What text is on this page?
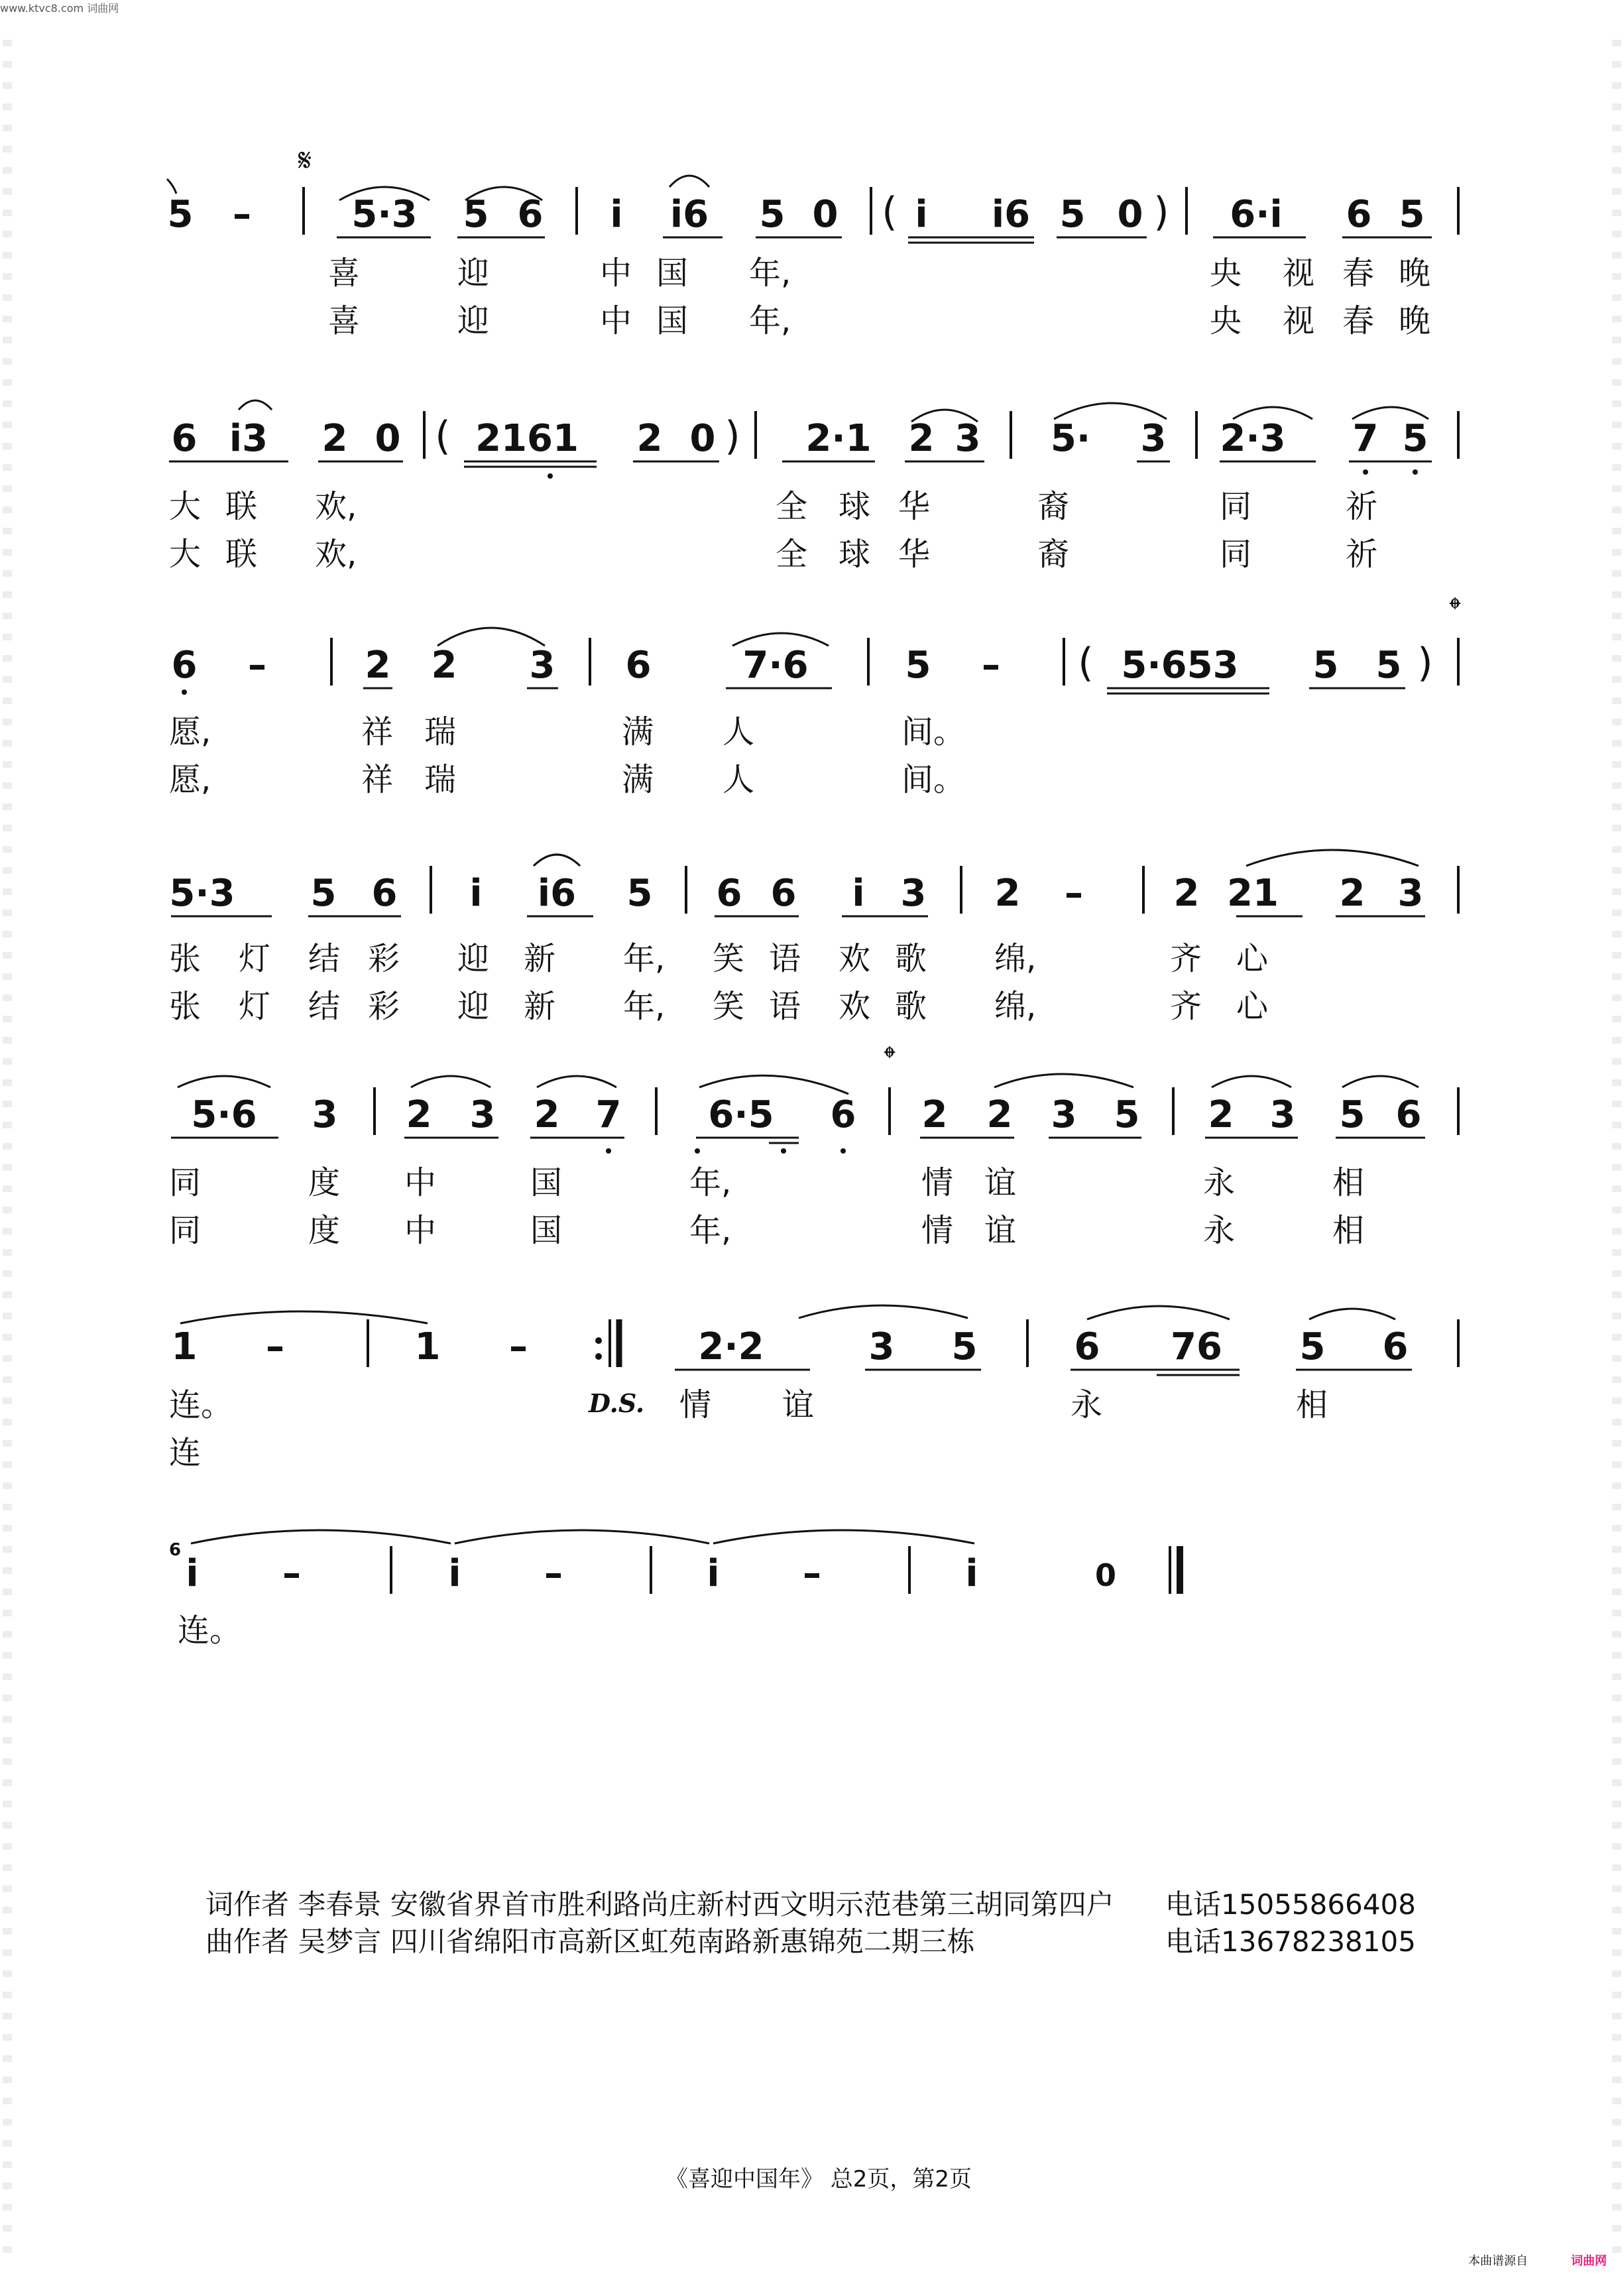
www.ktvc8.com 词曲网
𝄋
5 –	5·3 5 6 i i6 5 0 ( i i6 5 0 ) 6·i 6 5
喜	迎	中 国 年,	央 视 春 晚
喜	迎	中 国 年,	央 视 春 晚
6 i3 2 0 ( 2161 2 0 ) 2·1 2 3 5· 3 2·3 7 5
大 联 欢,	全 球 华	裔	同	祈
大 联 欢,	全 球 华	裔	同	祈
𝄌
6 –	2 2 3 6 7·6	5 – ( 5·653 5 5 )
愿,	祥 瑞	满 人	间。
愿,	祥 瑞	满 人	间。
5·3 5 6 i i6 5 6 6 i 3 2 – 2 21 2 3
张 灯 结 彩 迎 新 年, 笑 语 欢 歌 绵,	齐 心
张 灯 结 彩 迎 新 年, 笑 语 欢 歌 绵,	齐 心
𝄌
5·6 3 2 3 2 7 6·5 6 2 2 3 5 2 3 5 6
同	度 中	国	年,	情 谊	永	相
同	度 中	国	年,	情 谊	永	相
1 –	1 –	2·2	3 5	6 76 5 6
连。	D.S. 情 谊	永	相
连
6
i –	i –	i –	i	0
连。
词作者 李春景 安徽省界首市胜利路尚庄新村西文明示范巷第三胡同第四户 电话15055866408
曲作者 吴梦言 四川省绵阳市高新区虹苑南路新惠锦苑二期三栋	电话13678238105
《喜迎中国年》 总2页，第2页
本曲谱源自	词曲网
